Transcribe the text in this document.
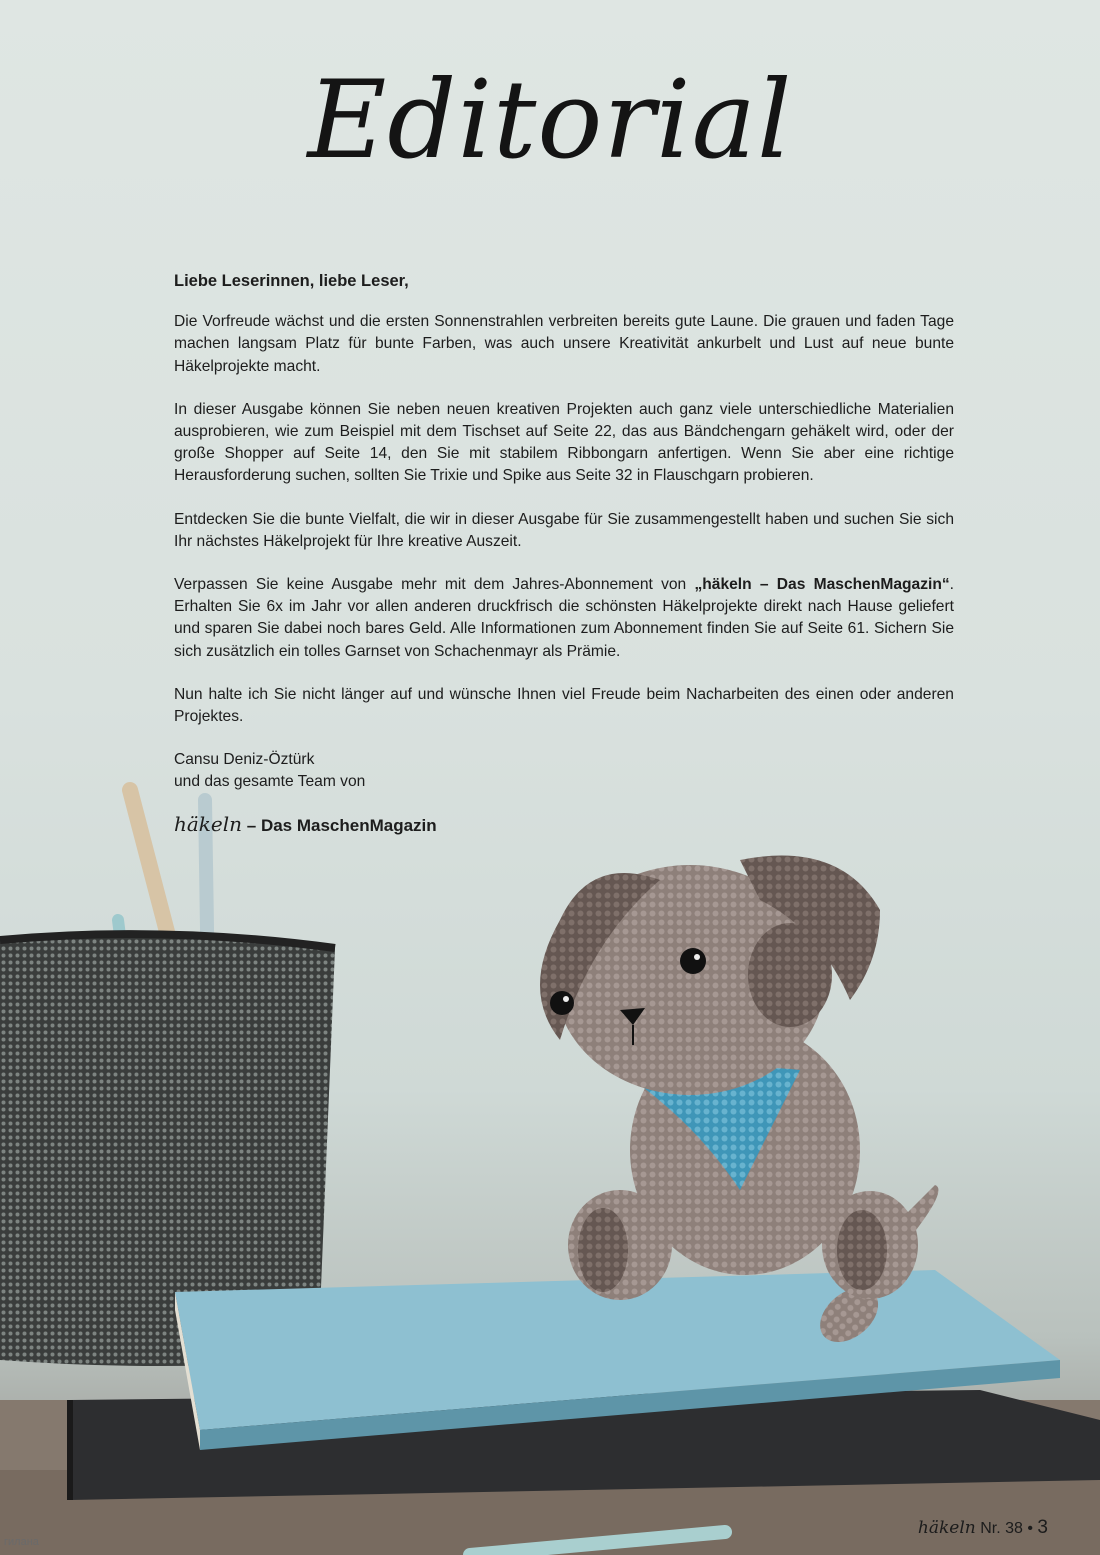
Editorial

Liebe Leserinnen, liebe Leser,

Die Vorfreude wächst und die ersten Sonnenstrahlen verbreiten bereits gute Laune. Die grauen und faden Tage machen langsam Platz für bunte Farben, was auch unsere Kreativität ankurbelt und Lust auf neue bunte Häkelprojekte macht.

In dieser Ausgabe können Sie neben neuen kreativen Projekten auch ganz viele unterschiedliche Materialien ausprobieren, wie zum Beispiel mit dem Tischset auf Seite 22, das aus Bändchengarn gehäkelt wird, oder der große Shopper auf Seite 14, den Sie mit stabilem Ribbongarn anfertigen. Wenn Sie aber eine richtige Herausforderung suchen, sollten Sie Trixie und Spike aus Seite 32 in Flauschgarn probieren.

Entdecken Sie die bunte Vielfalt, die wir in dieser Ausgabe für Sie zusammengestellt haben und suchen Sie sich Ihr nächstes Häkelprojekt für Ihre kreative Auszeit.

Verpassen Sie keine Ausgabe mehr mit dem Jahres-Abonnement von „häkeln – Das MaschenMagazin“. Erhalten Sie 6x im Jahr vor allen anderen druckfrisch die schönsten Häkelprojekte direkt nach Hause geliefert und sparen Sie dabei noch bares Geld. Alle Informationen zum Abonnement finden Sie auf Seite 61. Sichern Sie sich zusätzlich ein tolles Garnset von Schachenmayr als Prämie.

Nun halte ich Sie nicht länger auf und wünsche Ihnen viel Freude beim Nacharbeiten des einen oder anderen Projektes.

Cansu Deniz-Öztürk

und das gesamte Team von

häkeln – Das MaschenMagazin
häkeln Nr. 38 • 3
гилана
